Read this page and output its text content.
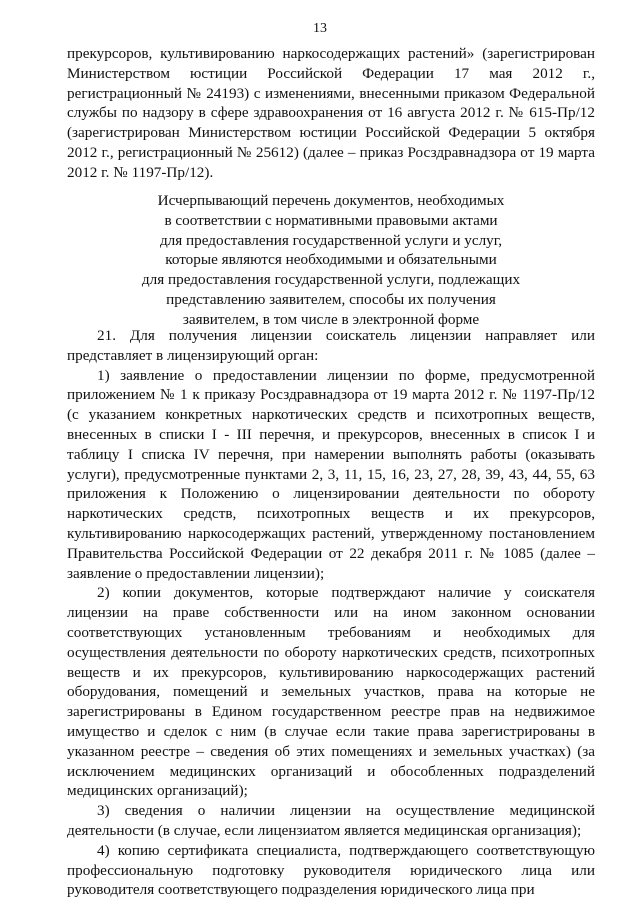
13

прекурсоров, культивированию наркосодержащих растений» (зарегистрирован Министерством юстиции Российской Федерации 17 мая 2012 г., регистрационный № 24193) с изменениями, внесенными приказом Федеральной службы по надзору в сфере здравоохранения от 16 августа 2012 г. № 615-Пр/12 (зарегистрирован Министерством юстиции Российской Федерации 5 октября 2012 г., регистрационный № 25612) (далее – приказ Росздравнадзора от 19 марта 2012 г. № 1197-Пр/12).

Исчерпывающий перечень документов, необходимых
в соответствии с нормативными правовыми актами
для предоставления государственной услуги и услуг,
которые являются необходимыми и обязательными
для предоставления государственной услуги, подлежащих
представлению заявителем, способы их получения
заявителем, в том числе в электронной форме

21. Для получения лицензии соискатель лицензии направляет или представляет в лицензирующий орган:

1) заявление о предоставлении лицензии по форме, предусмотренной приложением № 1 к приказу Росздравнадзора от 19 марта 2012 г. № 1197-Пр/12 (с указанием конкретных наркотических средств и психотропных веществ, внесенных в списки I - III перечня, и прекурсоров, внесенных в список I и таблицу I списка IV перечня, при намерении выполнять работы (оказывать услуги), предусмотренные пунктами 2, 3, 11, 15, 16, 23, 27, 28, 39, 43, 44, 55, 63 приложения к Положению о лицензировании деятельности по обороту наркотических средств, психотропных веществ и их прекурсоров, культивированию наркосодержащих растений, утвержденному постановлением Правительства Российской Федерации от 22 декабря 2011 г. № 1085 (далее – заявление о предоставлении лицензии);

2) копии документов, которые подтверждают наличие у соискателя лицензии на праве собственности или на ином законном основании соответствующих установленным требованиям и необходимых для осуществления деятельности по обороту наркотических средств, психотропных веществ и их прекурсоров, культивированию наркосодержащих растений оборудования, помещений и земельных участков, права на которые не зарегистрированы в Едином государственном реестре прав на недвижимое имущество и сделок с ним (в случае если такие права зарегистрированы в указанном реестре – сведения об этих помещениях и земельных участках) (за исключением медицинских организаций и обособленных подразделений медицинских организаций);

3) сведения о наличии лицензии на осуществление медицинской деятельности (в случае, если лицензиатом является медицинская организация);

4) копию сертификата специалиста, подтверждающего соответствующую профессиональную подготовку руководителя юридического лица или руководителя соответствующего подразделения юридического лица при
